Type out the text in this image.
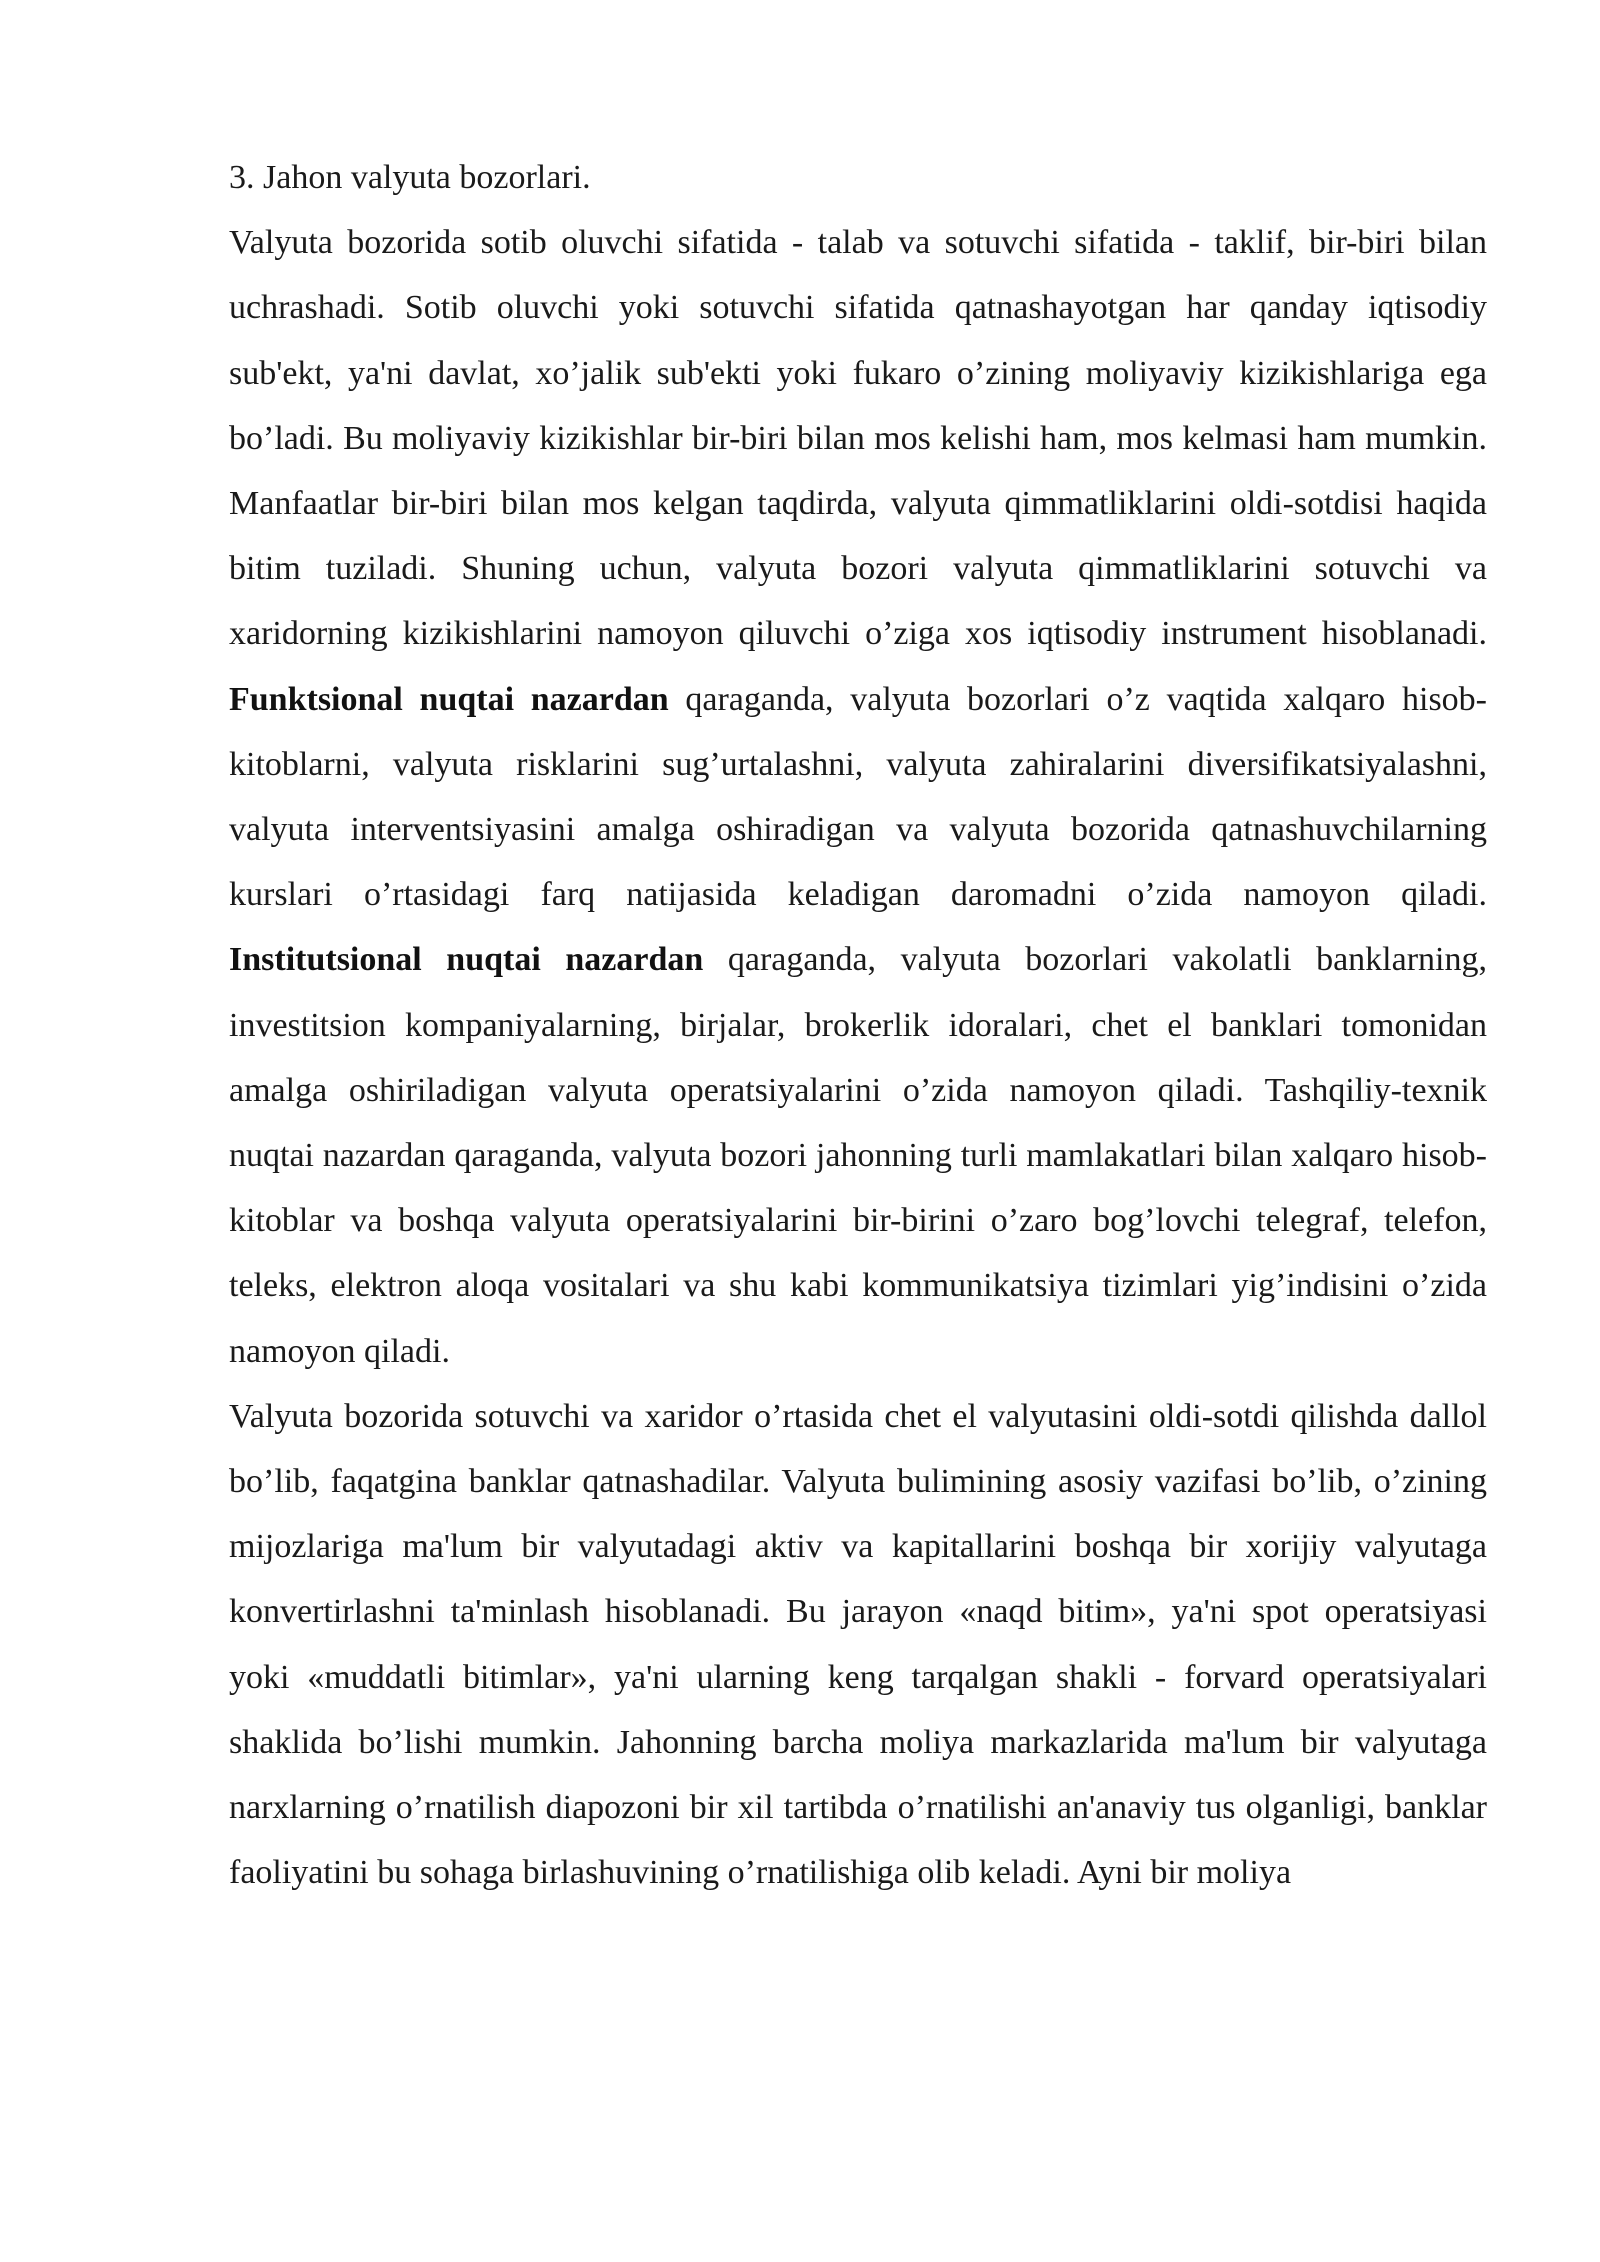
3. Jahon valyuta bozorlari.

Valyuta bozorida sotib oluvchi sifatida - talab va sotuvchi sifatida - taklif, bir-biri bilan uchrashadi. Sotib oluvchi yoki sotuvchi sifatida qatnashayotgan har qanday iqtisodiy sub'ekt, ya'ni davlat, xo’jalik sub'ekti yoki fukaro o’zining moliyaviy kizikishlariga ega bo’ladi. Bu moliyaviy kizikishlar bir-biri bilan mos kelishi ham, mos kelmasi ham mumkin. Manfaatlar bir-biri bilan mos kelgan taqdirda, valyuta qimmatliklarini oldi-sotdisi haqida bitim tuziladi. Shuning uchun, valyuta bozori valyuta qimmatliklarini sotuvchi va xaridorning kizikishlarini namoyon qiluvchi o’ziga xos iqtisodiy instrument hisoblanadi. Funktsional nuqtai nazardan qaraganda, valyuta bozorlari o’z vaqtida xalqaro hisob-kitoblarni, valyuta risklarini sug’urtalashni, valyuta zahiralarini diversifikatsiyalashni, valyuta interventsiyasini amalga oshiradigan va valyuta bozorida qatnashuvchilarning kurslari o’rtasidagi farq natijasida keladigan daromadni o’zida namoyon qiladi. Institutsional nuqtai nazardan qaraganda, valyuta bozorlari vakolatli banklarning, investitsion kompaniyalarning, birjalar, brokerlik idoralari, chet el banklari tomonidan amalga oshiriladigan valyuta operatsiyalarini o’zida namoyon qiladi. Tashqiliy-texnik nuqtai nazardan qaraganda, valyuta bozori jahonning turli mamlakatlari bilan xalqaro hisob-kitoblar va boshqa valyuta operatsiyalarini bir-birini o’zaro bog’lovchi telegraf, telefon, teleks, elektron aloqa vositalari va shu kabi kommunikatsiya tizimlari yig’indisini o’zida namoyon qiladi.

Valyuta bozorida sotuvchi va xaridor o’rtasida chet el valyutasini oldi-sotdi qilishda dallol bo’lib, faqatgina banklar qatnashadilar. Valyuta bulimining asosiy vazifasi bo’lib, o’zining mijozlariga ma'lum bir valyutadagi aktiv va kapitallarini boshqa bir xorijiy valyutaga konvertirlashni ta'minlash hisoblanadi. Bu jarayon «naqd bitim», ya'ni spot operatsiyasi yoki «muddatli bitimlar», ya'ni ularning keng tarqalgan shakli - forvard operatsiyalari shaklida bo’lishi mumkin. Jahonning barcha moliya markazlarida ma'lum bir valyutaga narxlarning o’rnatilish diapozoni bir xil tartibda o’rnatilishi an'anaviy tus olganligi, banklar faoliyatini bu sohaga birlashuvining o’rnatilishiga olib keladi. Ayni bir moliya
